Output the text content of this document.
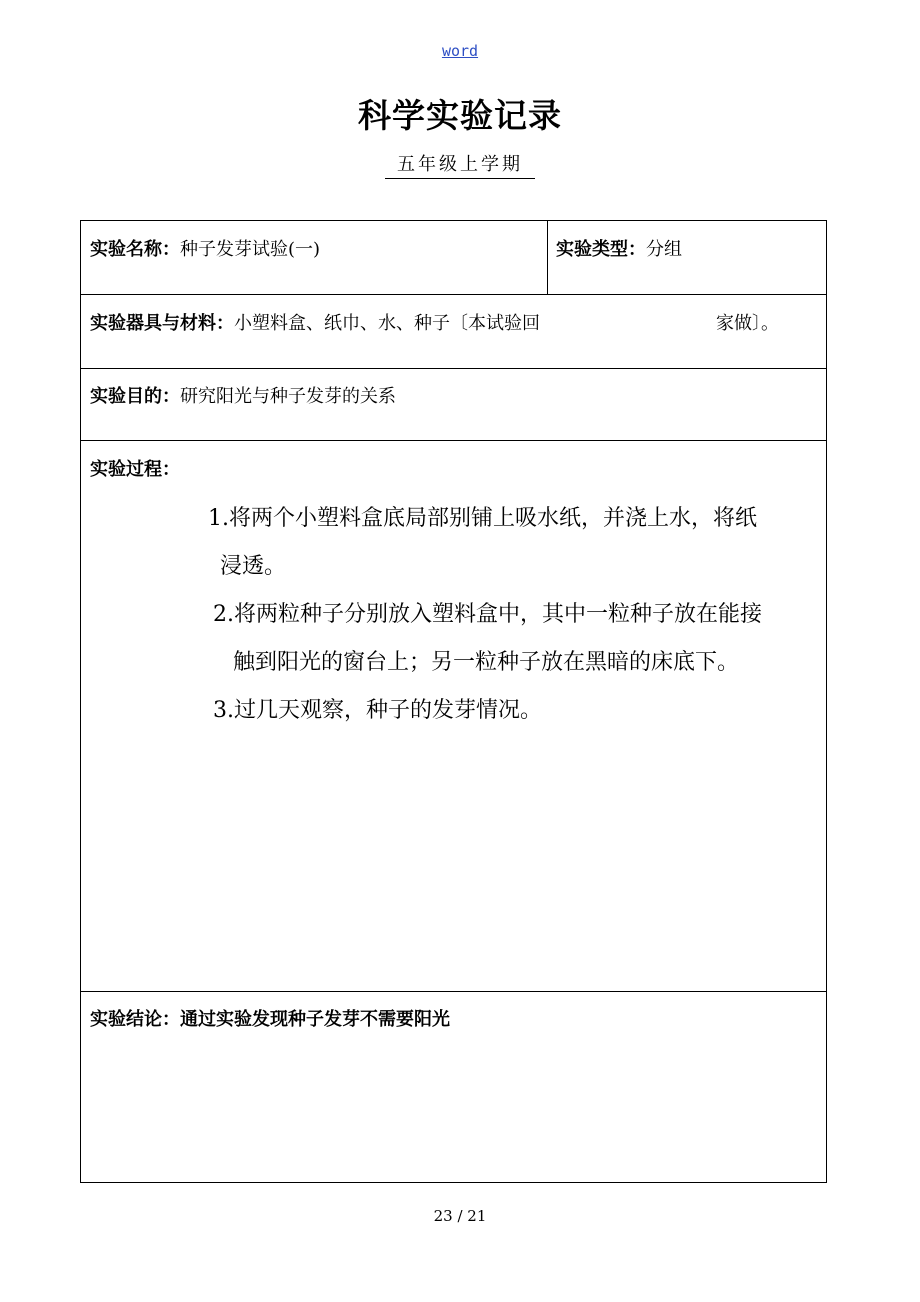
word
科学实验记录
五年级上学期
实验名称：种子发芽试验(一)	实验类型：分组
实验器具与材料：小塑料盒、纸巾、水、种子〔本试验回	家做〕。
实验目的：研究阳光与种子发芽的关系
实验过程：
1.将两个小塑料盒底局部别铺上吸水纸，并浇上水，将纸
浸透。
2.将两粒种子分别放入塑料盒中，其中一粒种子放在能接
触到阳光的窗台上；另一粒种子放在黑暗的床底下。
3.过几天观察，种子的发芽情况。
实验结论：通过实验发现种子发芽不需要阳光
23 / 21
